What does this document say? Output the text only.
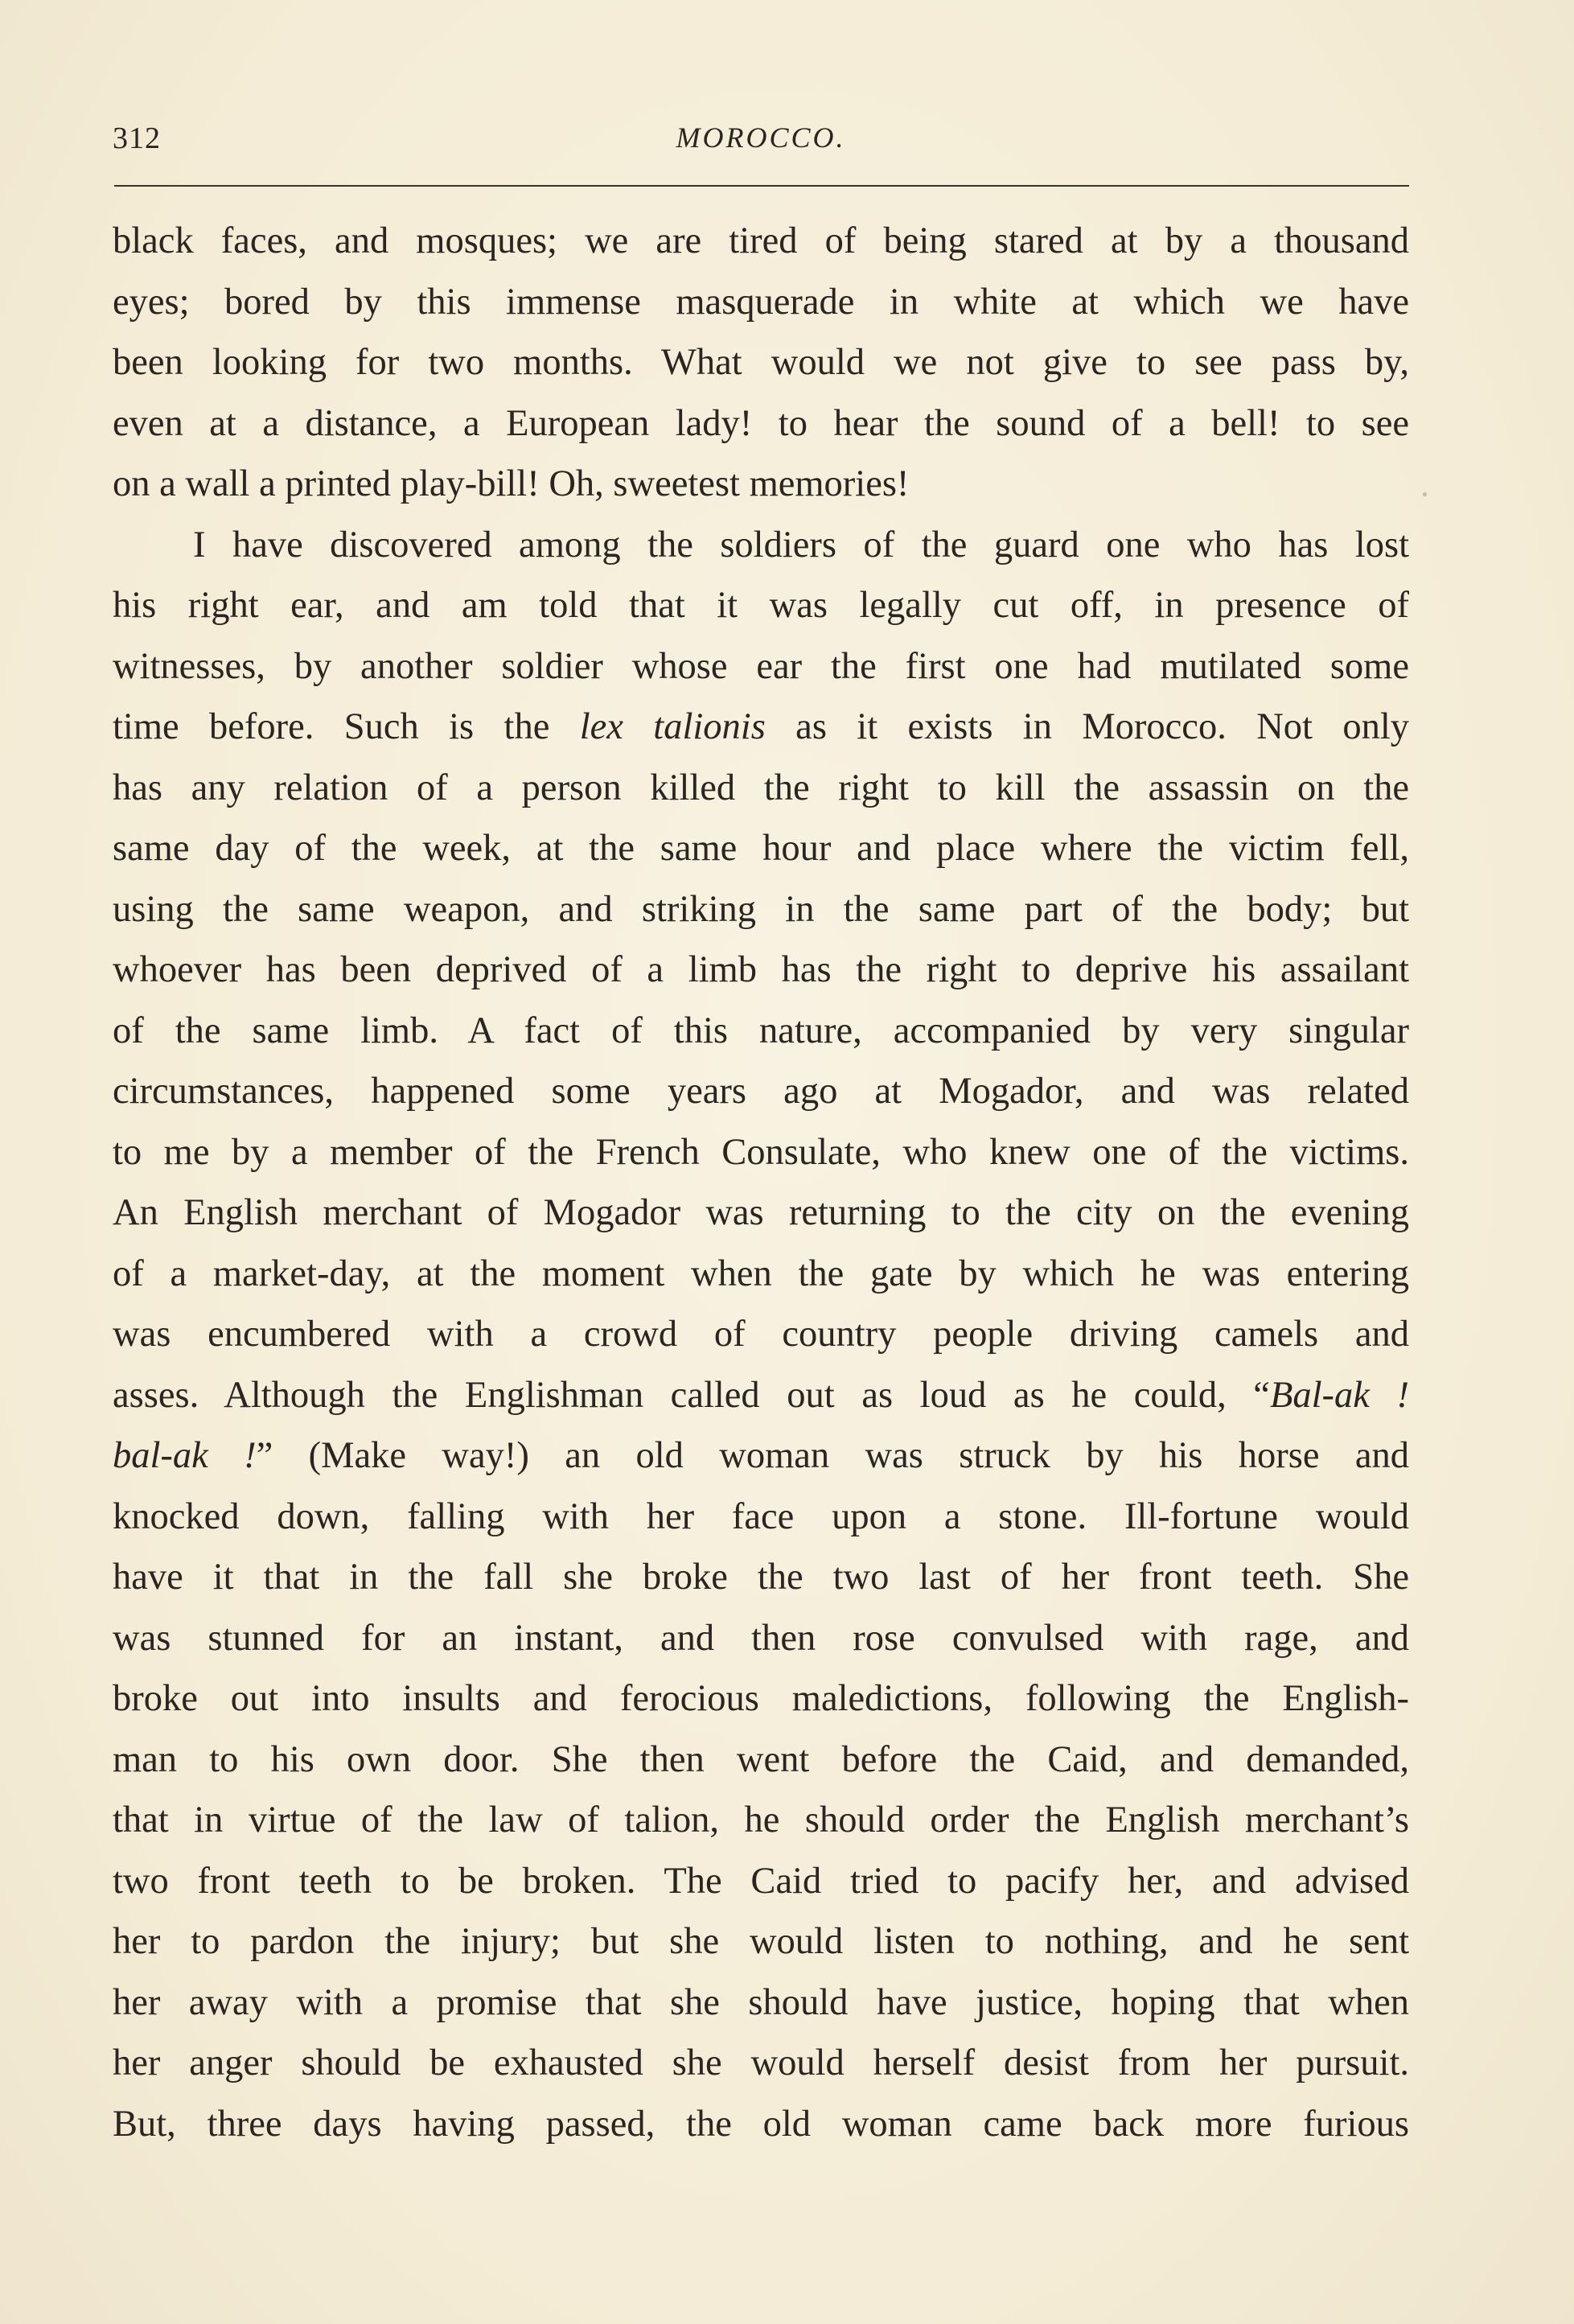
312	MOROCCO.
black faces, and mosques; we are tired of being stared at by a thousand
eyes; bored by this immense masquerade in white at which we have
been looking for two months. What would we not give to see pass by,
even at a distance, a European lady! to hear the sound of a bell! to see
on a wall a printed play-bill! Oh, sweetest memories!
I have discovered among the soldiers of the guard one who has lost
his right ear, and am told that it was legally cut off, in presence of
witnesses, by another soldier whose ear the first one had mutilated some
time before. Such is the lex talionis as it exists in Morocco. Not only
has any relation of a person killed the right to kill the assassin on the
same day of the week, at the same hour and place where the victim fell,
using the same weapon, and striking in the same part of the body; but
whoever has been deprived of a limb has the right to deprive his assailant
of the same limb. A fact of this nature, accompanied by very singular
circumstances, happened some years ago at Mogador, and was related
to me by a member of the French Consulate, who knew one of the victims.
An English merchant of Mogador was returning to the city on the evening
of a market-day, at the moment when the gate by which he was entering
was encumbered with a crowd of country people driving camels and
asses. Although the Englishman called out as loud as he could, “Bal-ak !
bal-ak !” (Make way!) an old woman was struck by his horse and
knocked down, falling with her face upon a stone. Ill-fortune would
have it that in the fall she broke the two last of her front teeth. She
was stunned for an instant, and then rose convulsed with rage, and
broke out into insults and ferocious maledictions, following the English-
man to his own door. She then went before the Caid, and demanded,
that in virtue of the law of talion, he should order the English merchant’s
two front teeth to be broken. The Caid tried to pacify her, and advised
her to pardon the injury; but she would listen to nothing, and he sent
her away with a promise that she should have justice, hoping that when
her anger should be exhausted she would herself desist from her pursuit.
But, three days having passed, the old woman came back more furious
